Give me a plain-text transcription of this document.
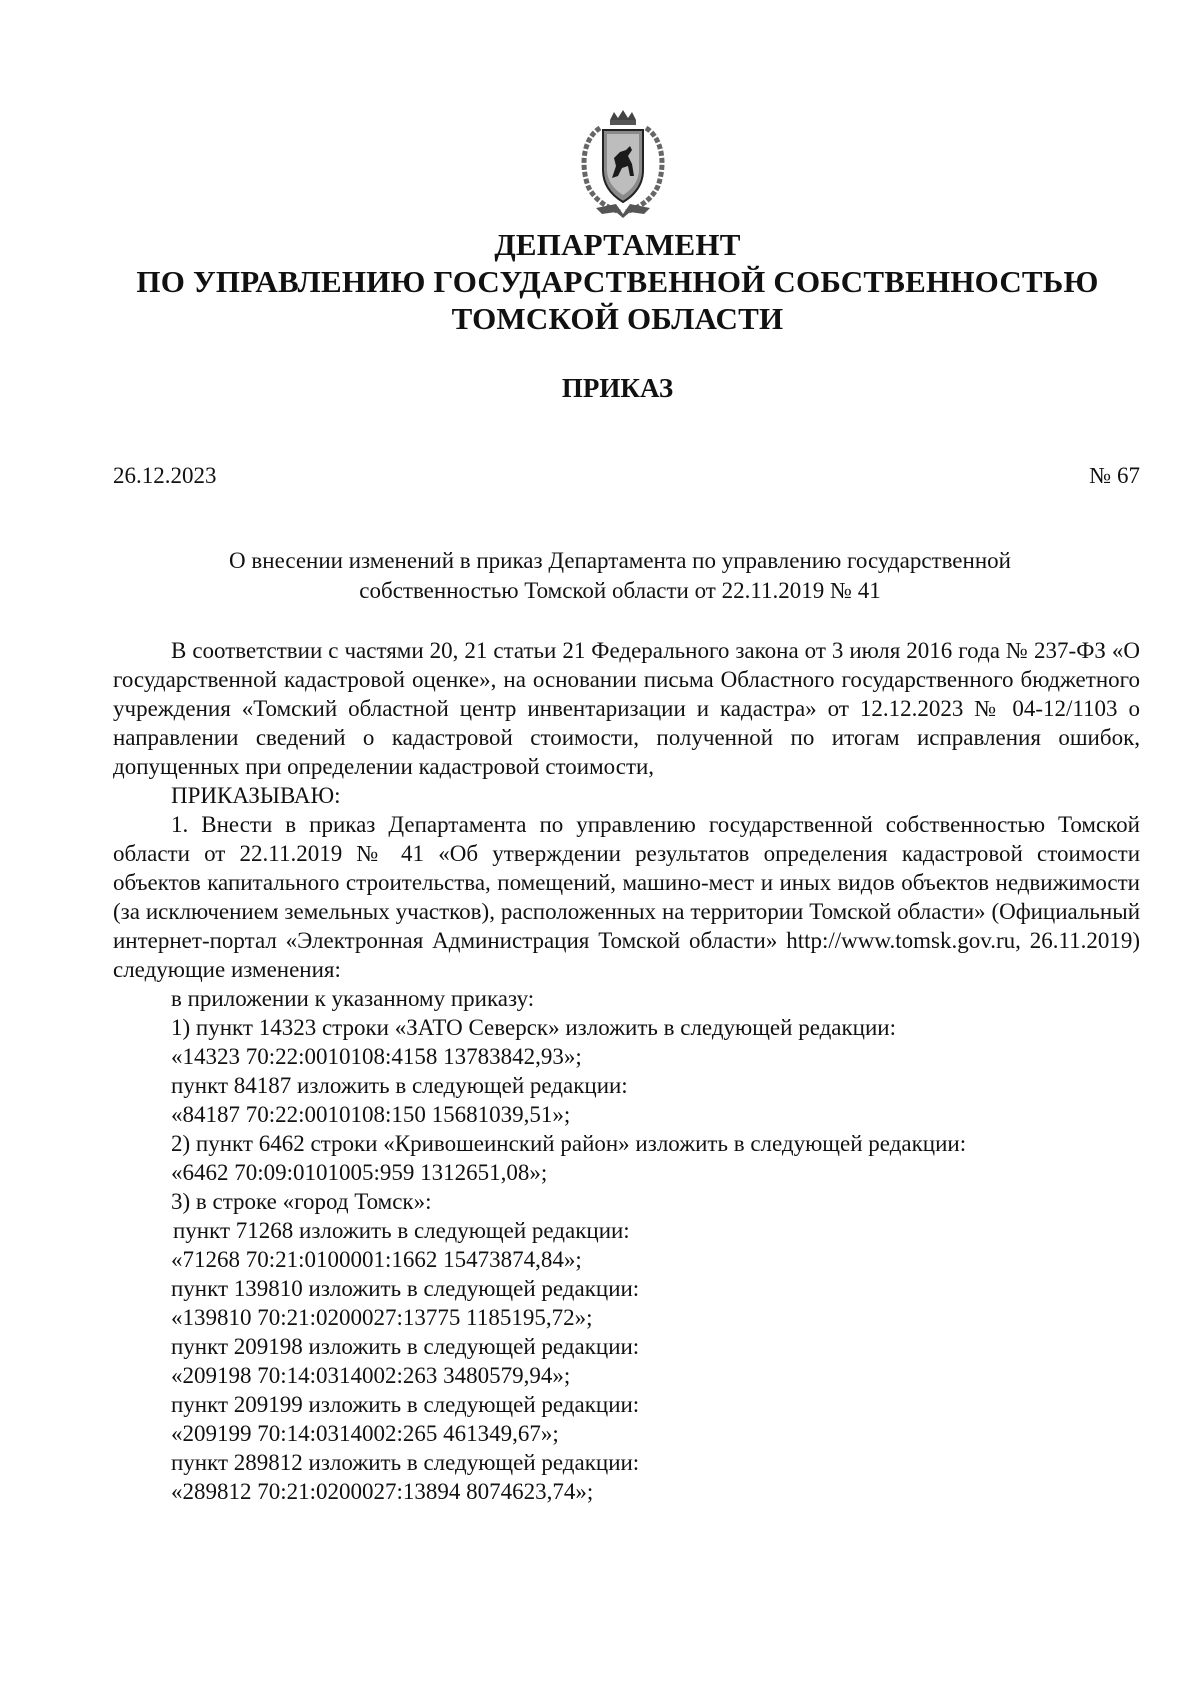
ДЕПАРТАМЕНТ
ПО УПРАВЛЕНИЮ ГОСУДАРСТВЕННОЙ СОБСТВЕННОСТЬЮ
ТОМСКОЙ ОБЛАСТИ
ПРИКАЗ
26.12.2023	№ 67
О внесении изменений в приказ Департамента по управлению государственной
собственностью Томской области от 22.11.2019 № 41

В соответствии с частями 20, 21 статьи 21 Федерального закона от 3 июля 2016 года № 237-ФЗ «О государственной кадастровой оценке», на основании письма Областного государственного бюджетного учреждения «Томский областной центр инвентаризации и кадастра» от 12.12.2023 № 04-12/1103 о направлении сведений о кадастровой стоимости, полученной по итогам исправления ошибок, допущенных при определении кадастровой стоимости,

ПРИКАЗЫВАЮ:

1. Внести в приказ Департамента по управлению государственной собственностью Томской области от 22.11.2019 № 41 «Об утверждении результатов определения кадастровой стоимости объектов капитального строительства, помещений, машино-мест и иных видов объектов недвижимости (за исключением земельных участков), расположенных на территории Томской области» (Официальный интернет-портал «Электронная Администрация Томской области» http://www.tomsk.gov.ru, 26.11.2019) следующие изменения:

в приложении к указанному приказу:

1) пункт 14323 строки «ЗАТО Северск» изложить в следующей редакции:

«14323 70:22:0010108:4158 13783842,93»;

пункт 84187 изложить в следующей редакции:

«84187 70:22:0010108:150 15681039,51»;

2) пункт 6462 строки «Кривошеинский район» изложить в следующей редакции:

«6462 70:09:0101005:959 1312651,08»;

3) в строке «город Томск»:

пункт 71268 изложить в следующей редакции:

«71268 70:21:0100001:1662 15473874,84»;

пункт 139810 изложить в следующей редакции:

«139810 70:21:0200027:13775 1185195,72»;

пункт 209198 изложить в следующей редакции:

«209198 70:14:0314002:263 3480579,94»;

пункт 209199 изложить в следующей редакции:

«209199 70:14:0314002:265 461349,67»;

пункт 289812 изложить в следующей редакции:

«289812 70:21:0200027:13894 8074623,74»;
